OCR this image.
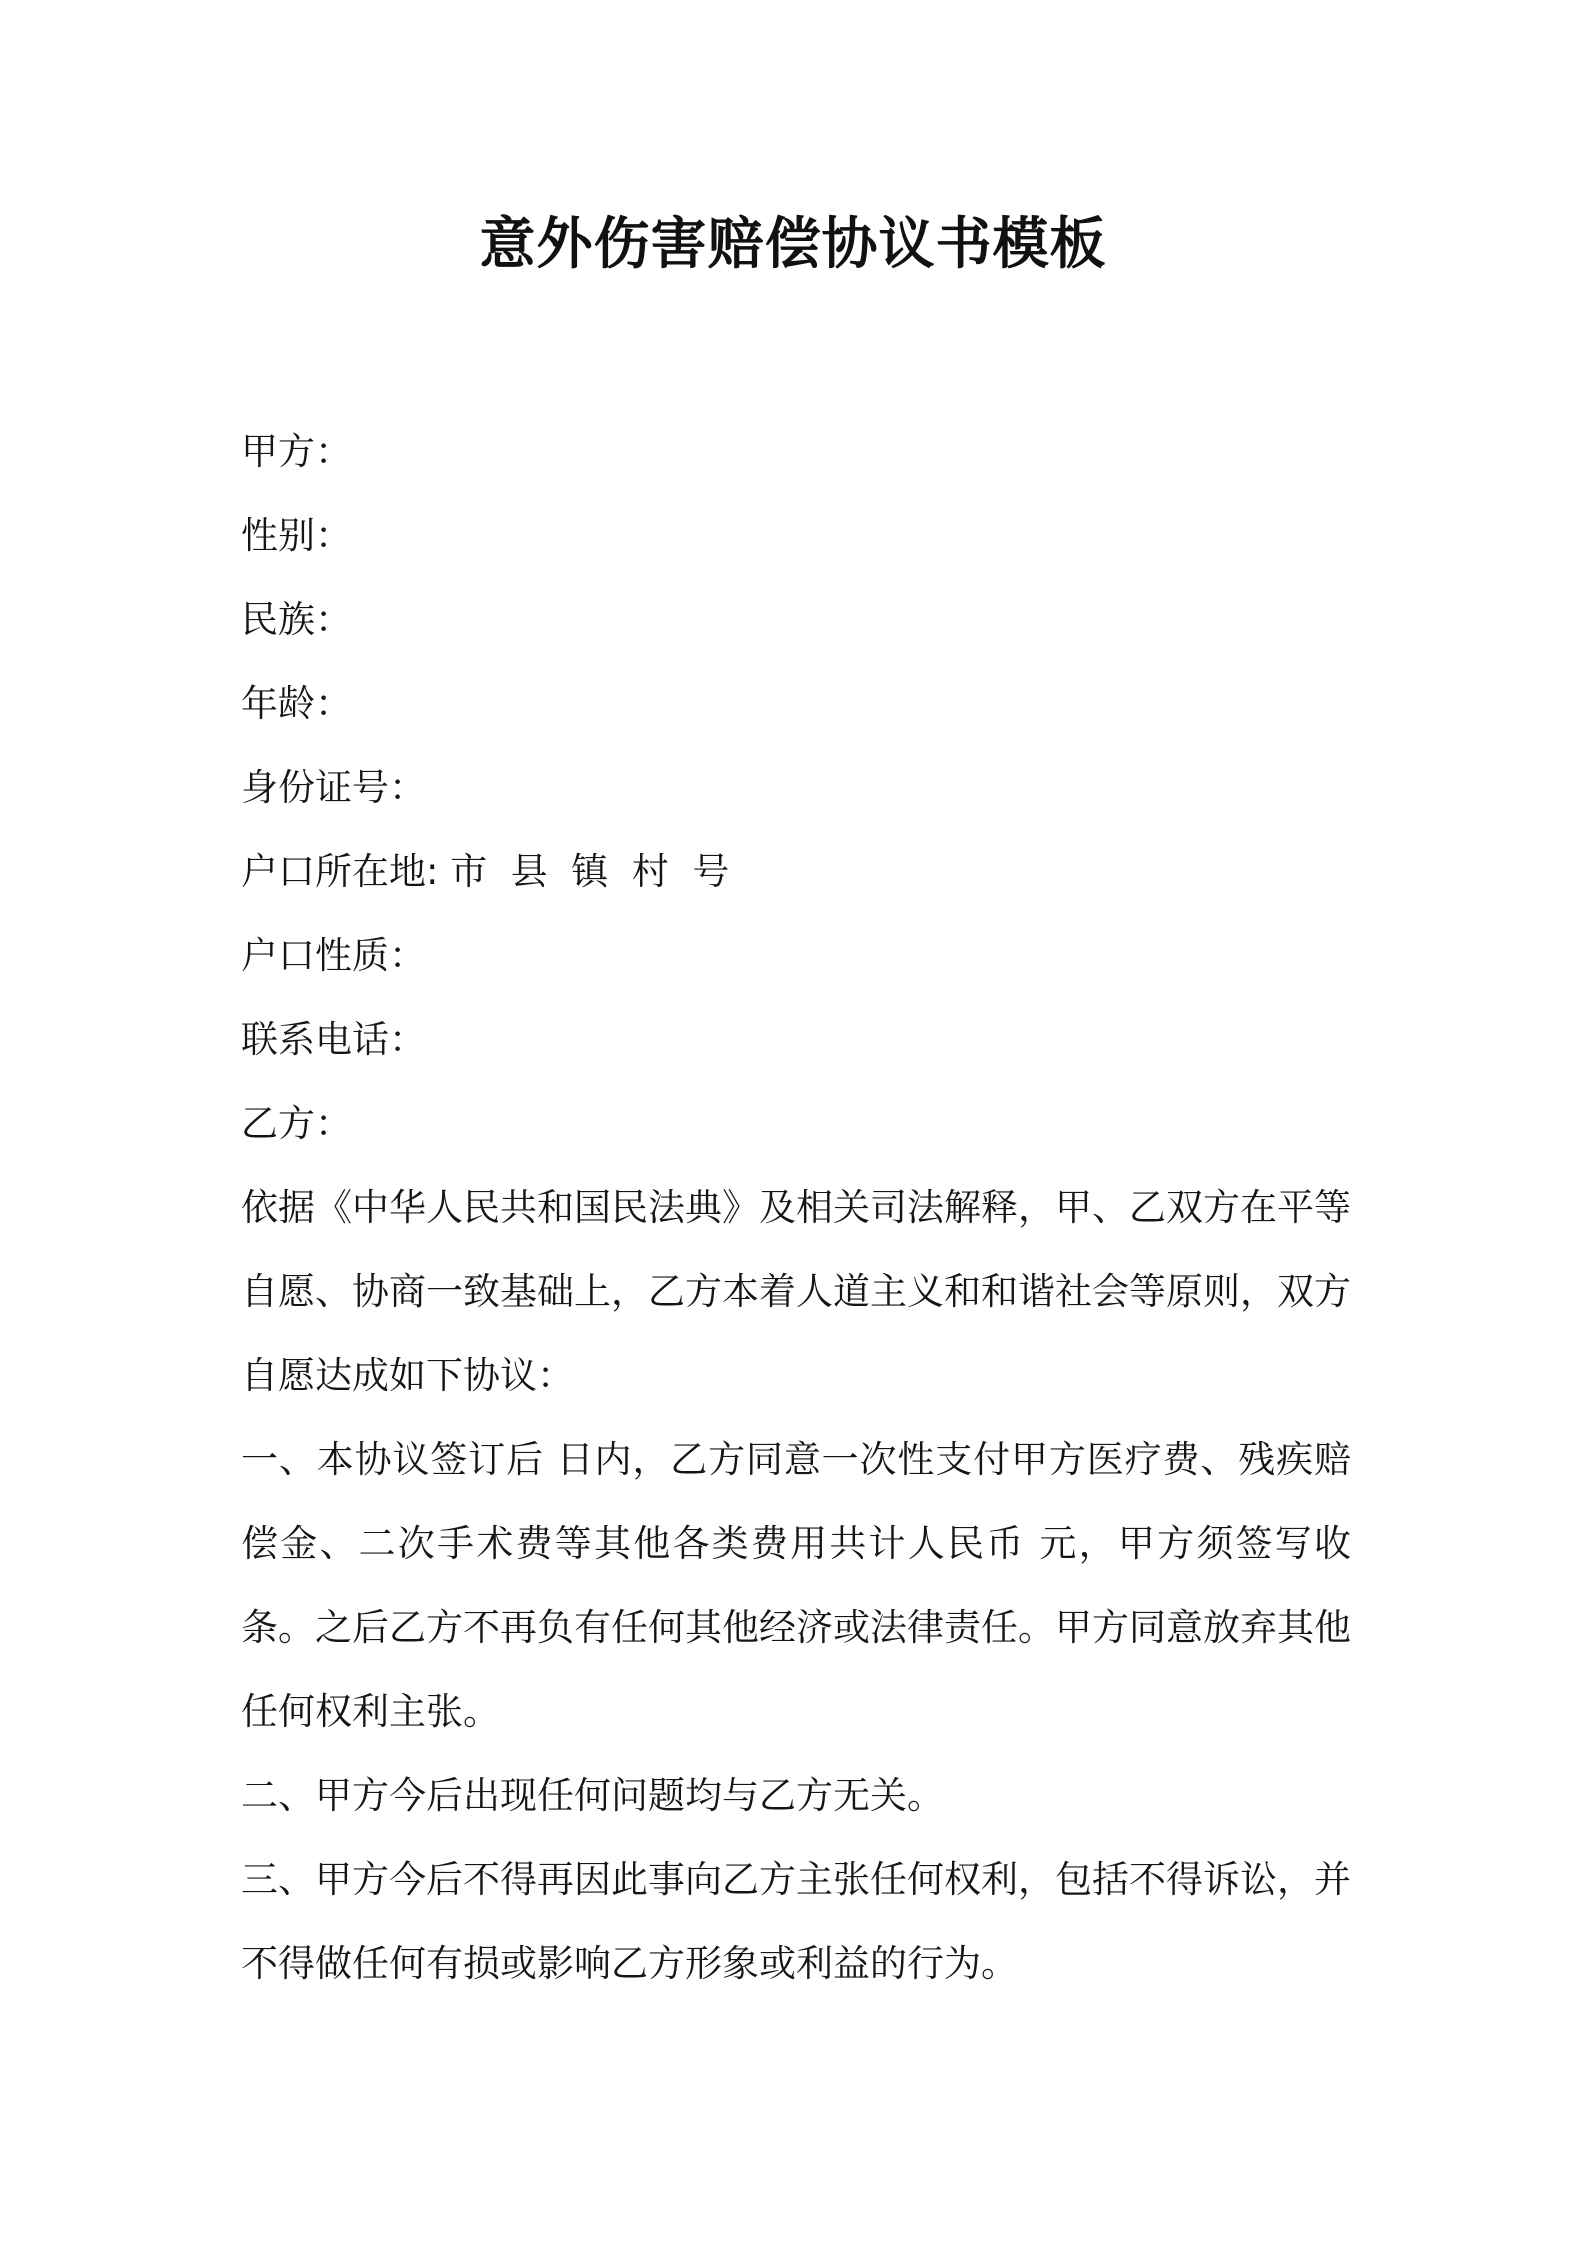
意外伤害赔偿协议书模板

甲方：

性别：

民族：

年龄：

身份证号：

户口所在地: 市  县  镇  村  号

户口性质：

联系电话：

乙方：

依据《中华人民共和国民法典》及相关司法解释，甲、乙双方在平等自愿、协商一致基础上，乙方本着人道主义和和谐社会等原则，双方自愿达成如下协议：

一、本协议签订后 日内，乙方同意一次性支付甲方医疗费、残疾赔偿金、二次手术费等其他各类费用共计人民币 元，甲方须签写收条。之后乙方不再负有任何其他经济或法律责任。甲方同意放弃其他任何权利主张。

二、甲方今后出现任何问题均与乙方无关。

三、甲方今后不得再因此事向乙方主张任何权利，包括不得诉讼，并不得做任何有损或影响乙方形象或利益的行为。
